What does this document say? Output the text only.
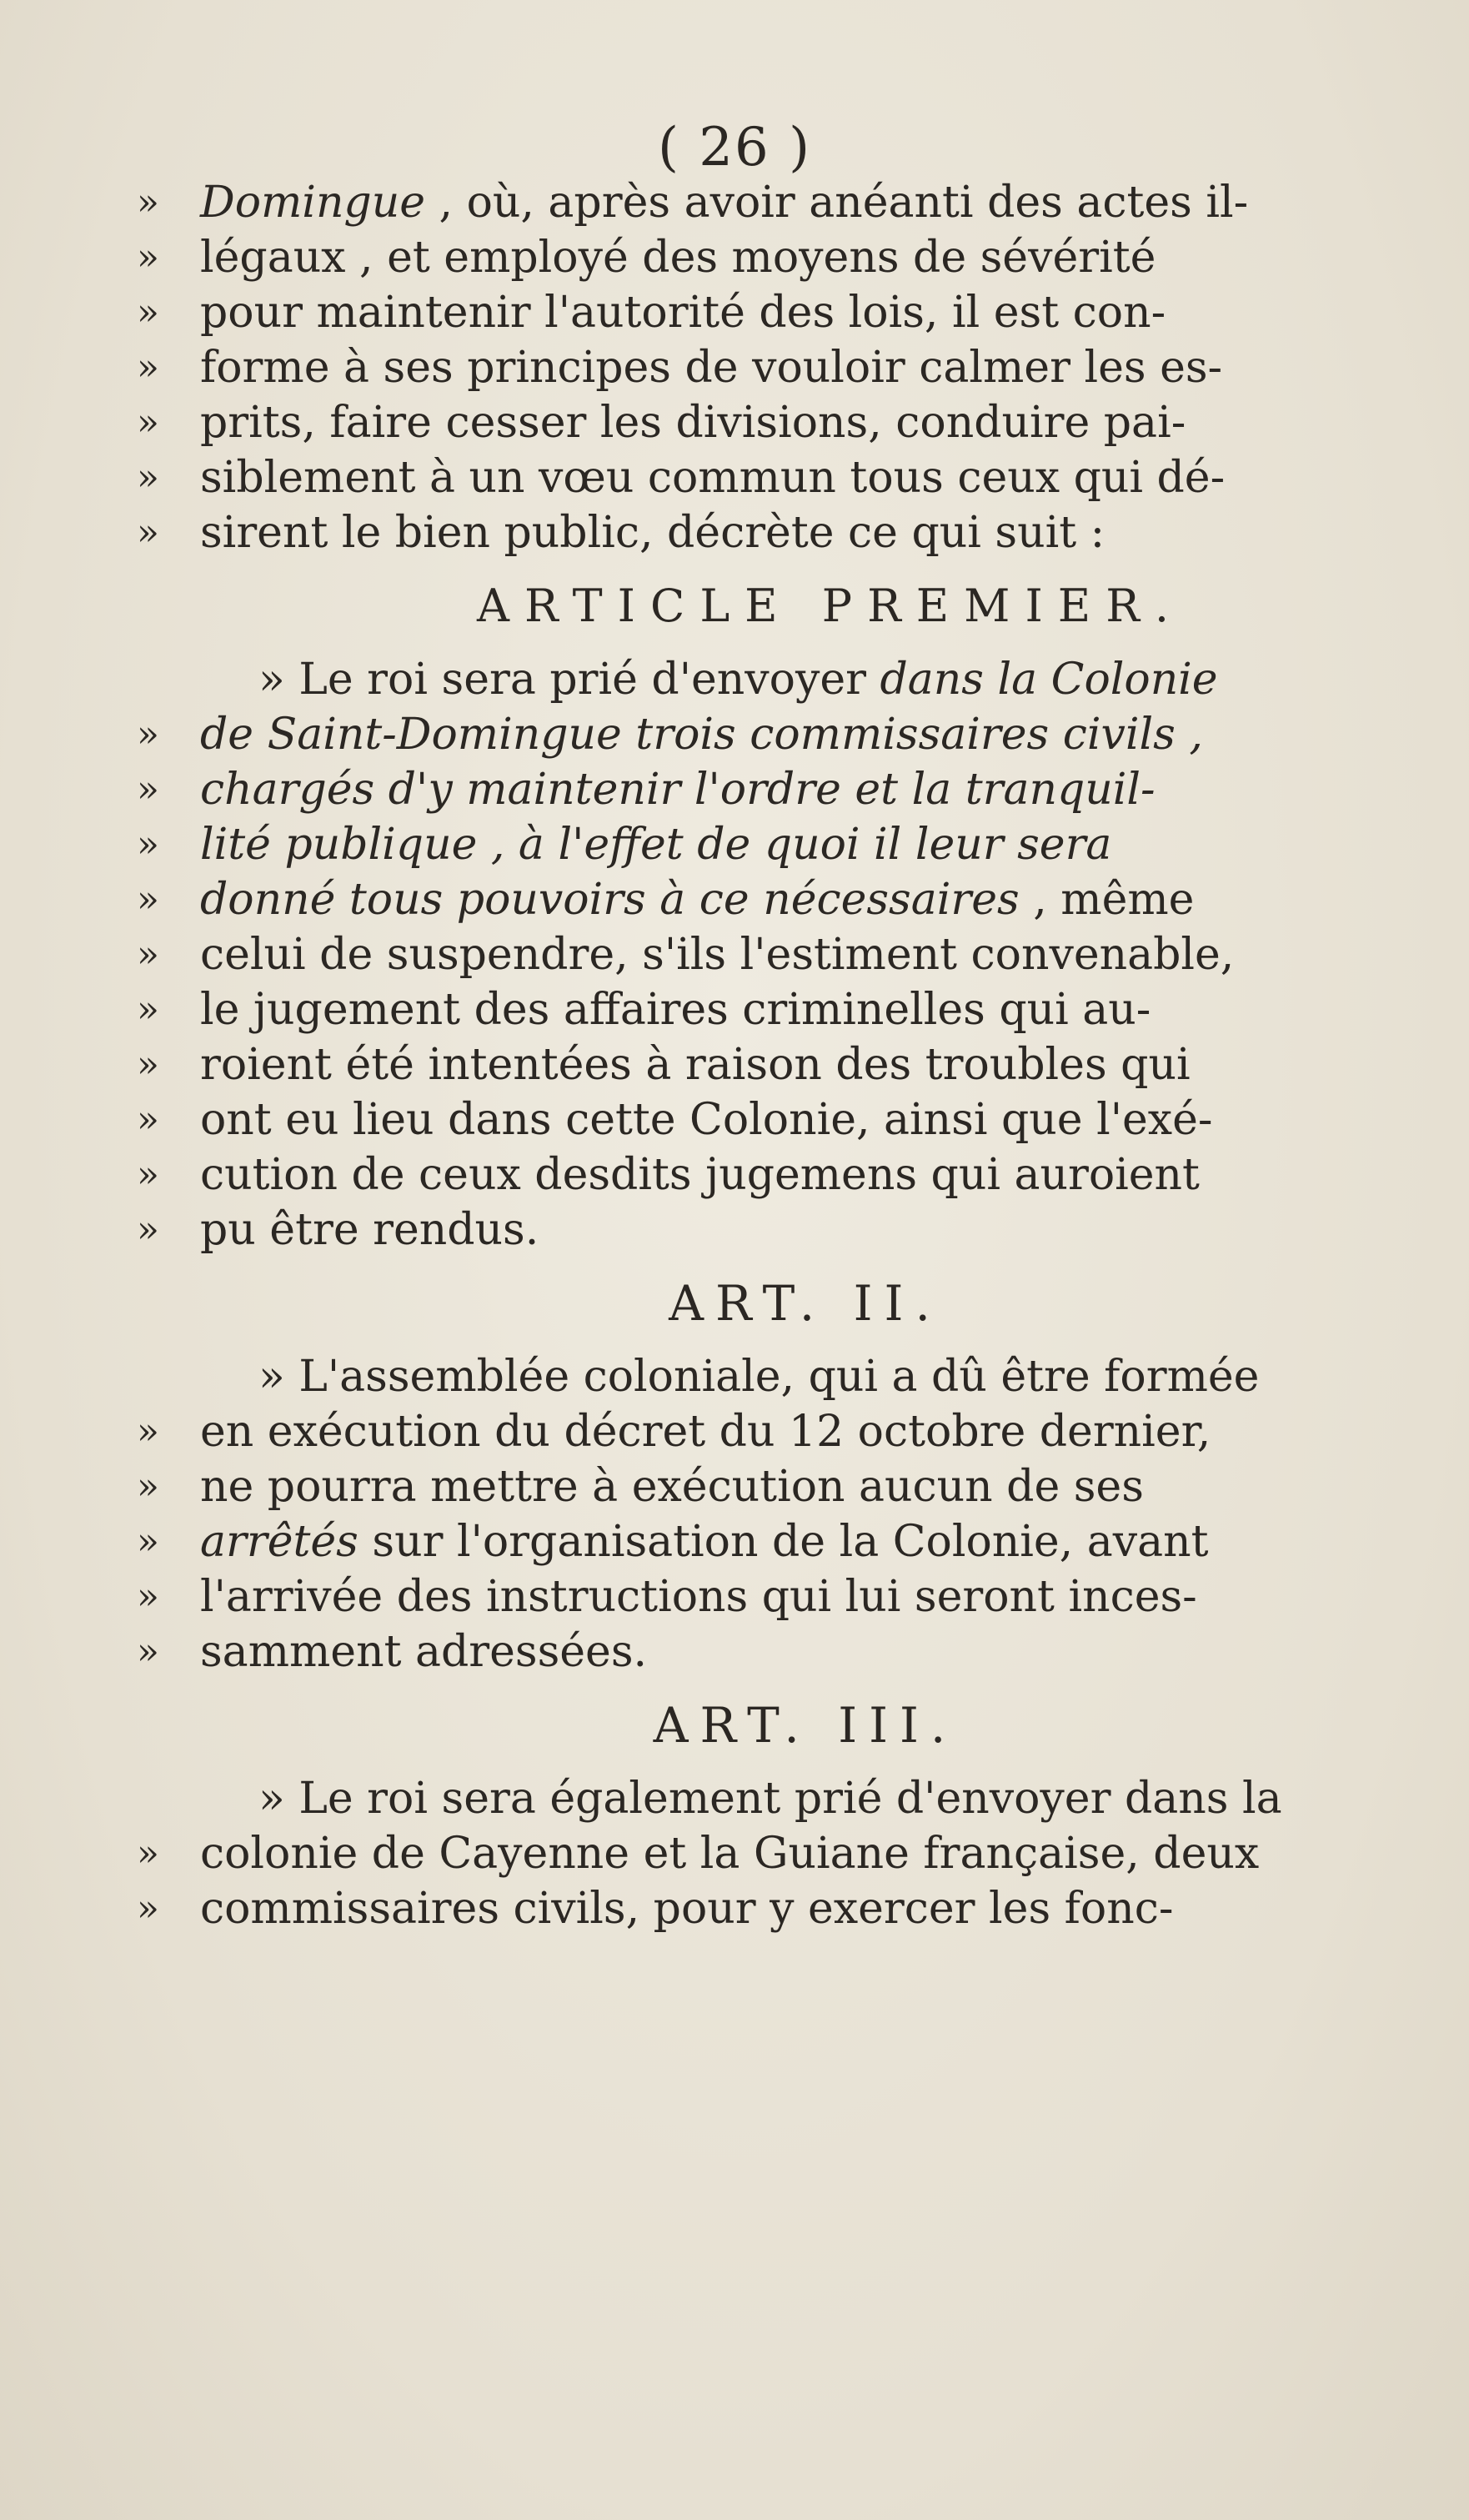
( 26 )
» Domingue , où, après avoir anéanti des actes il-
» légaux , et employé des moyens de sévérité
» pour maintenir l'autorité des lois, il est con-
» forme à ses principes de vouloir calmer les es-
» prits, faire cesser les divisions, conduire pai-
» siblement à un vœu commun tous ceux qui dé-
» sirent le bien public, décrète ce qui suit :
ARTICLE PREMIER.
» Le roi sera prié d'envoyer dans la Colonie
» de Saint-Domingue trois commissaires civils ,
» chargés d'y maintenir l'ordre et la tranquil-
» lité publique , à l'effet de quoi il leur sera
» donné tous pouvoirs à ce nécessaires , même
» celui de suspendre, s'ils l'estiment convenable,
» le jugement des affaires criminelles qui au-
» roient été intentées à raison des troubles qui
» ont eu lieu dans cette Colonie, ainsi que l'exé-
» cution de ceux desdits jugemens qui auroient
» pu être rendus.
ART. II.
» L'assemblée coloniale, qui a dû être formée
» en exécution du décret du 12 octobre dernier,
» ne pourra mettre à exécution aucun de ses
» arrêtés sur l'organisation de la Colonie, avant
» l'arrivée des instructions qui lui seront inces-
» samment adressées.
ART. III.
» Le roi sera également prié d'envoyer dans la
» colonie de Cayenne et la Guiane française, deux
» commissaires civils, pour y exercer les fonc-
